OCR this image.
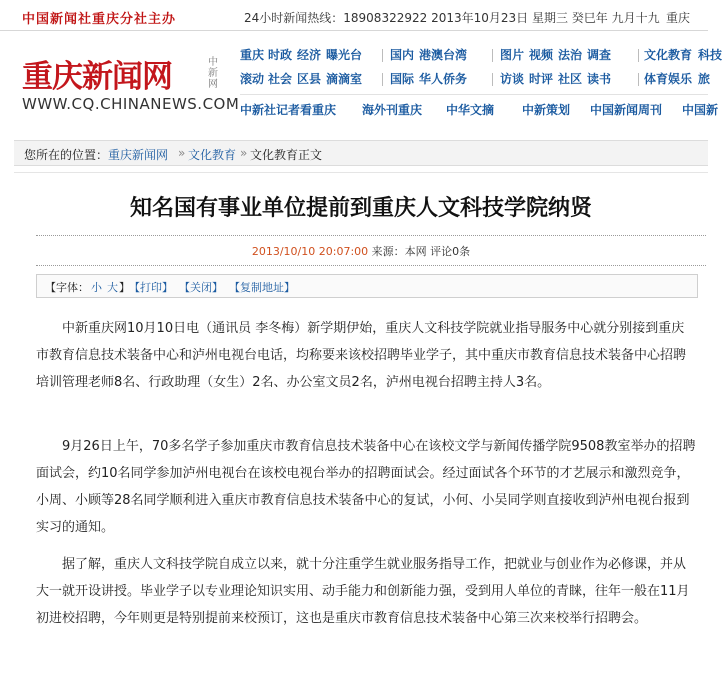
中国新闻社重庆分社主办	24小时新闻热线：18908322922 2013年10月23日 星期三 癸巳年 九月十九 重庆
重庆新闻网	中新网
WWW.CQ.CHINANEWS.COM
重庆 时政 经济 曝光台 国内 港澳台湾	图片 视频 法治 调查	文化教育 科技
滚动 社会 区县 滴滴室 国际 华人侨务	访谈 时评 社区 读书	体育娱乐 旅
中新社记者看重庆 海外刊重庆 中华文摘 中新策划 中国新闻周刊 中国新
您所在的位置： 重庆新闻网 » 文化教育 » 文化教育正文
知名国有事业单位提前到重庆人文科技学院纳贤
2013/10/10 20:07:00 来源：本网 评论0条
【字体： 小 大 】 【打印】 【关闭】 【复制地址】

中新重庆网10月10日电（通讯员 李冬梅）新学期伊始，重庆人文科技学院就业指导服务中心就分别接到重庆市教育信息技术装备中心和泸州电视台电话，均称要来该校招聘毕业学子，其中重庆市教育信息技术装备中心招聘培训管理老师8名、行政助理（女生）2名、办公室文员2名，泸州电视台招聘主持人3名。

9月26日上午，70多名学子参加重庆市教育信息技术装备中心在该校文学与新闻传播学院9508教室举办的招聘面试会，约10名同学参加泸州电视台在该校电视台举办的招聘面试会。经过面试各个环节的才艺展示和激烈竞争，小周、小顾等28名同学顺利进入重庆市教育信息技术装备中心的复试，小何、小吴同学则直接收到泸州电视台报到实习的通知。

据了解，重庆人文科技学院自成立以来，就十分注重学生就业服务指导工作，把就业与创业作为必修课，并从大一就开设讲授。毕业学子以专业理论知识实用、动手能力和创新能力强，受到用人单位的青睐，往年一般在11月初进校招聘，今年则更是特别提前来校预订，这也是重庆市教育信息技术装备中心第三次来校举行招聘会。
